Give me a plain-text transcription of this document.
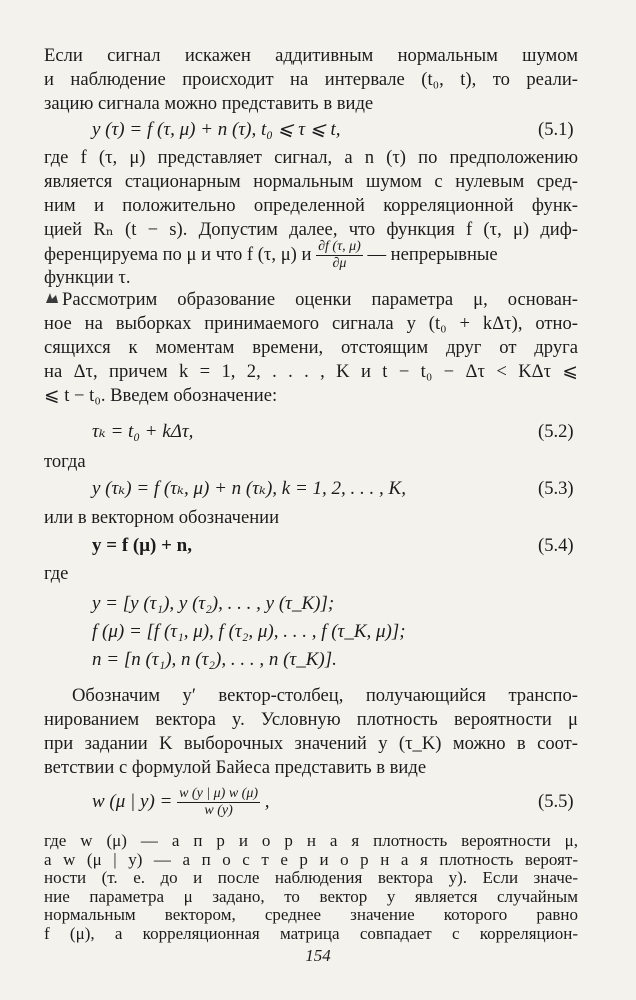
Если сигнал искажен аддитивным нормальным шумом
и наблюдение происходит на интервале (t₀, t), то реали-
зацию сигнала можно представить в виде
y (τ) = f (τ, μ) + n (τ), t₀ ⩽ τ ⩽ t,	(5.1)
где f (τ, μ) представляет сигнал, а n (τ) по предположению
является стационарным нормальным шумом с нулевым сред-
ним и положительно определенной корреляционной функ-
цией Rₙ (t − s). Допустим далее, что функция f (τ, μ) диф-
ференцируема по μ и что f (τ, μ) и $\frac{\partial f (\tau, \mu)}{\partial\mu}$ — непрерывные
функции τ.
Рассмотрим образование оценки параметра μ, основан-
ное на выборках принимаемого сигнала y (t₀ + kΔτ), отно-
сящихся к моментам времени, отстоящим друг от друга
на Δτ, причем k = 1, 2, . . . , K и t − t₀ − Δτ < KΔτ ⩽
⩽ t − t₀. Введем обозначение:
τₖ = t₀ + kΔτ,	(5.2)
тогда
y (τₖ) = f (τₖ, μ) + n (τₖ), k = 1, 2, . . . , K,	(5.3)
или в векторном обозначении
y = f (μ) + n,	(5.4)
где
y = [y (τ₁), y (τ₂), . . . , y (τ_K)];
f (μ) = [f (τ₁, μ), f (τ₂, μ), . . . , f (τ_K, μ)];
n = [n (τ₁), n (τ₂), . . . , n (τ_K)].
Обозначим y′ вектор-столбец, получающийся транспо-
нированием вектора y. Условную плотность вероятности μ
при задании K выборочных значений y (τ_K) можно в соот-
ветствии с формулой Байеса представить в виде
w (μ | $y) = \frac{w (y | \mu) w (\mu)}{w (y)}$ ,	(5.5)
где w (μ) — а п р и о р н а я плотность вероятности μ,
а w (μ | y) — а п о с т е р и о р н а я плотность вероят-
ности (т. е. до и после наблюдения вектора y). Если значе-
154
ние параметра μ задано, то вектор y является случайным
нормальным вектором, среднее значение которого равно
f (μ), а корреляционная матрица совпадает с корреляцион-
